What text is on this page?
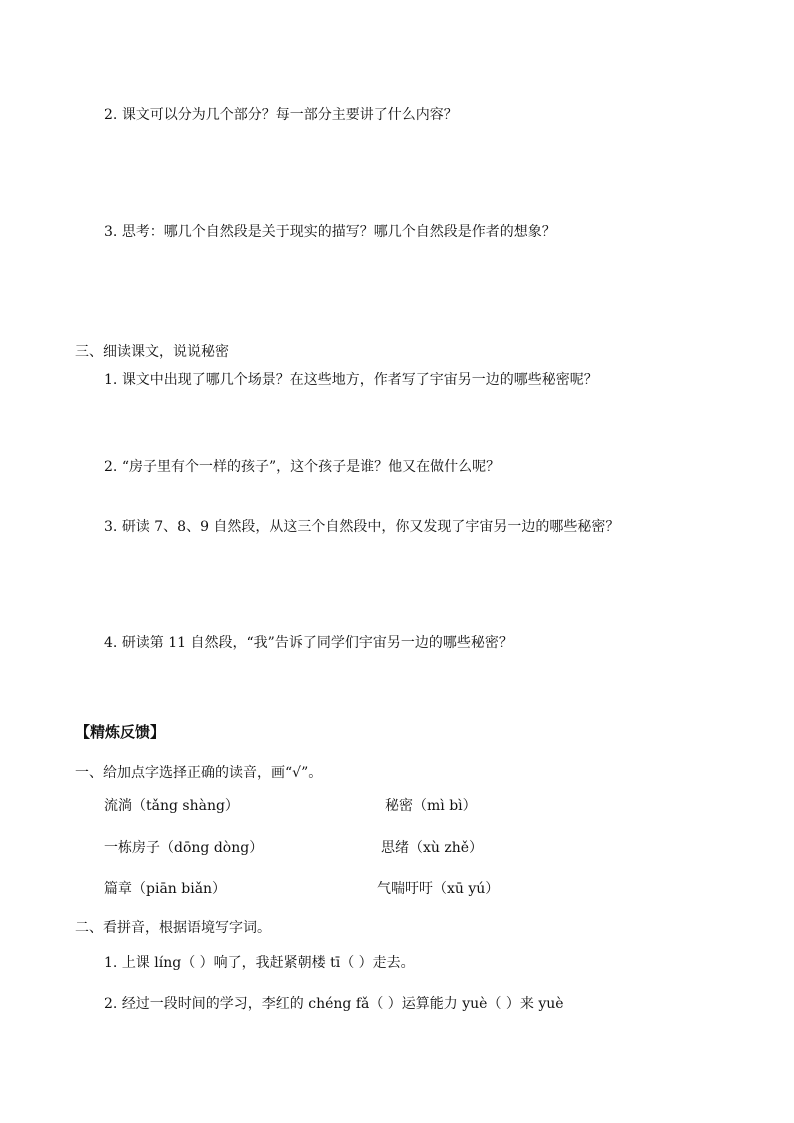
2. 课文可以分为几个部分？每一部分主要讲了什么内容？
3. 思考：哪几个自然段是关于现实的描写？哪几个自然段是作者的想象？
三、细读课文，说说秘密
1. 课文中出现了哪几个场景？在这些地方，作者写了宇宙另一边的哪些秘密呢？
2. “房子里有个一样的孩子”，这个孩子是谁？他又在做什么呢？
3. 研读 7、8、9 自然段，从这三个自然段中，你又发现了宇宙另一边的哪些秘密？
4. 研读第 11 自然段，“我”告诉了同学们宇宙另一边的哪些秘密？
【精炼反馈】
一、给加点字选择正确的读音，画“√”。
流淌（tǎng shàng）	秘密（mì bì）
一栋房子（dōng dòng）	思绪（xù zhě）
篇章（piān biǎn）	气喘吁吁（xū yú）
二、看拼音，根据语境写字词。
1. 上课 líng（ ）响了，我赶紧朝楼 tī（ ）走去。
2. 经过一段时间的学习，李红的 chéng fǎ（ ）运算能力 yuè（ ）来 yuè
